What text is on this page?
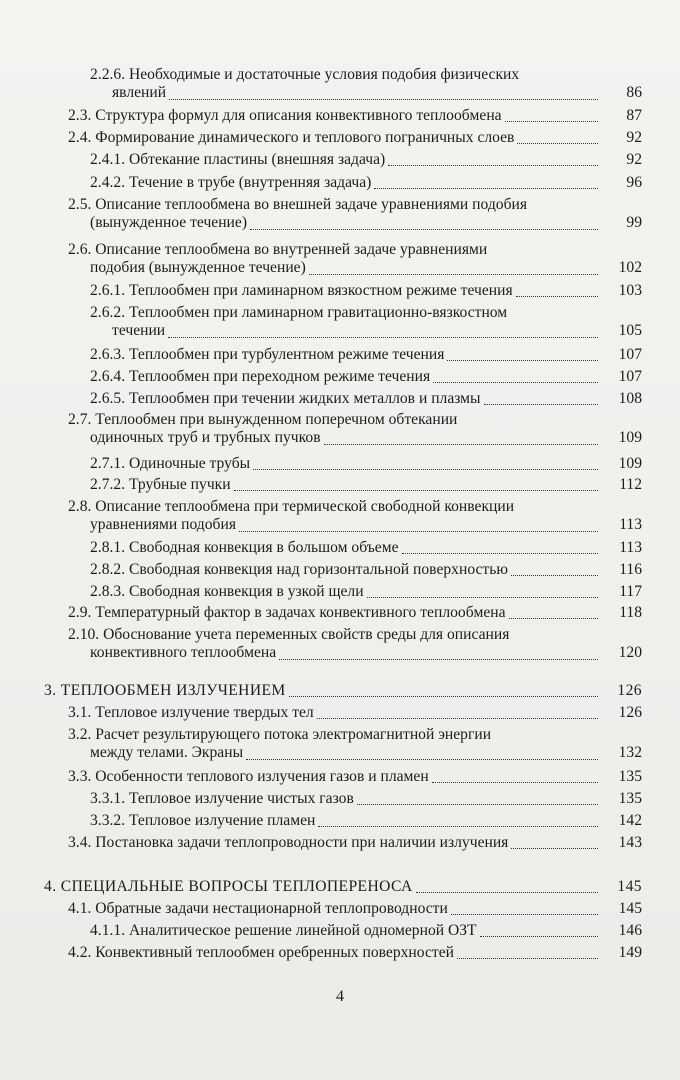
2.2.6. Необходимые и достаточные условия подобия физических
явлений	86
2.3. Структура формул для описания конвективного теплообмена	87
2.4. Формирование динамического и теплового пограничных слоев	92
2.4.1. Обтекание пластины (внешняя задача)	92
2.4.2. Течение в трубе (внутренняя задача)	96
2.5. Описание теплообмена во внешней задаче уравнениями подобия
(вынужденное течение)	99
2.6. Описание теплообмена во внутренней задаче уравнениями
подобия (вынужденное течение)	102
2.6.1. Теплообмен при ламинарном вязкостном режиме течения	103
2.6.2. Теплообмен при ламинарном гравитационно-вязкостном
течении	105
2.6.3. Теплообмен при турбулентном режиме течения	107
2.6.4. Теплообмен при переходном режиме течения	107
2.6.5. Теплообмен при течении жидких металлов и плазмы	108
2.7. Теплообмен при вынужденном поперечном обтекании
одиночных труб и трубных пучков	109
2.7.1. Одиночные трубы	109
2.7.2. Трубные пучки	112
2.8. Описание теплообмена при термической свободной конвекции
уравнениями подобия	113
2.8.1. Свободная конвекция в большом объеме	113
2.8.2. Свободная конвекция над горизонтальной поверхностью	116
2.8.3. Свободная конвекция в узкой щели	117
2.9. Температурный фактор в задачах конвективного теплообмена	118
2.10. Обоснование учета переменных свойств среды для описания
конвективного теплообмена	120
3. ТЕПЛООБМЕН ИЗЛУЧЕНИЕМ	126
3.1. Тепловое излучение твердых тел	126
3.2. Расчет результирующего потока электромагнитной энергии
между телами. Экраны	132
3.3. Особенности теплового излучения газов и пламен	135
3.3.1. Тепловое излучение чистых газов	135
3.3.2. Тепловое излучение пламен	142
3.4. Постановка задачи теплопроводности при наличии излучения	143
4. СПЕЦИАЛЬНЫЕ ВОПРОСЫ ТЕПЛОПЕРЕНОСА	145
4.1. Обратные задачи нестационарной теплопроводности	145
4.1.1. Аналитическое решение линейной одномерной ОЗТ	146
4.2. Конвективный теплообмен оребренных поверхностей	149
4
